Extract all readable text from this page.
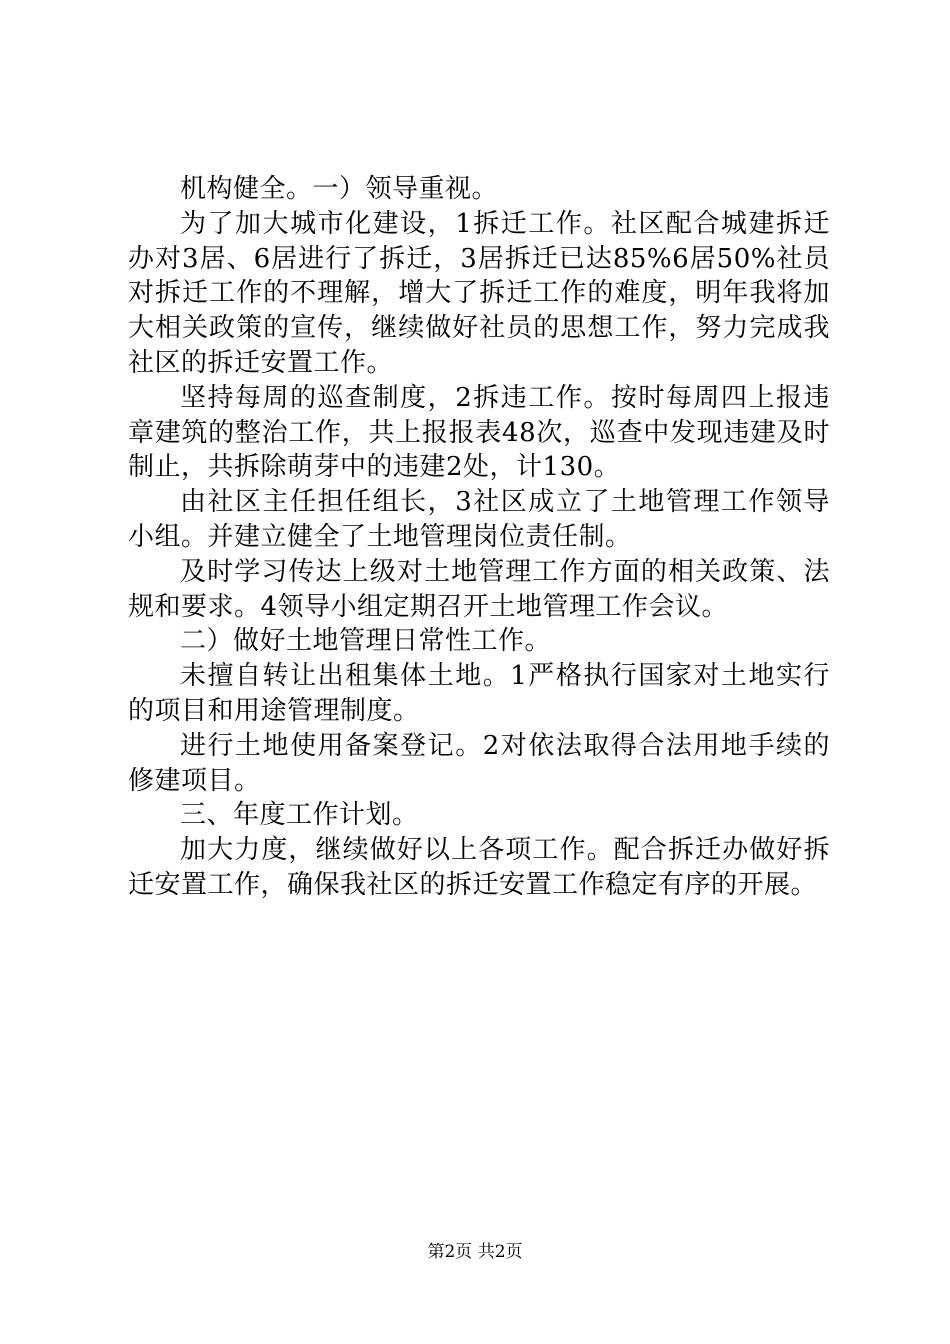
机构健全。一）领导重视。

为了加大城市化建设，1拆迁工作。社区配合城建拆迁办对3居、6居进行了拆迁，3居拆迁已达85%6居50%社员对拆迁工作的不理解，增大了拆迁工作的难度，明年我将加大相关政策的宣传，继续做好社员的思想工作，努力完成我社区的拆迁安置工作。

坚持每周的巡查制度，2拆违工作。按时每周四上报违章建筑的整治工作，共上报报表48次，巡查中发现违建及时制止，共拆除萌芽中的违建2处，计130。

由社区主任担任组长，3社区成立了土地管理工作领导小组。并建立健全了土地管理岗位责任制。

及时学习传达上级对土地管理工作方面的相关政策、法规和要求。4领导小组定期召开土地管理工作会议。

二）做好土地管理日常性工作。

未擅自转让出租集体土地。1严格执行国家对土地实行的项目和用途管理制度。

进行土地使用备案登记。2对依法取得合法用地手续的修建项目。

三、年度工作计划。

加大力度，继续做好以上各项工作。配合拆迁办做好拆迁安置工作，确保我社区的拆迁安置工作稳定有序的开展。

第2页 共2页
